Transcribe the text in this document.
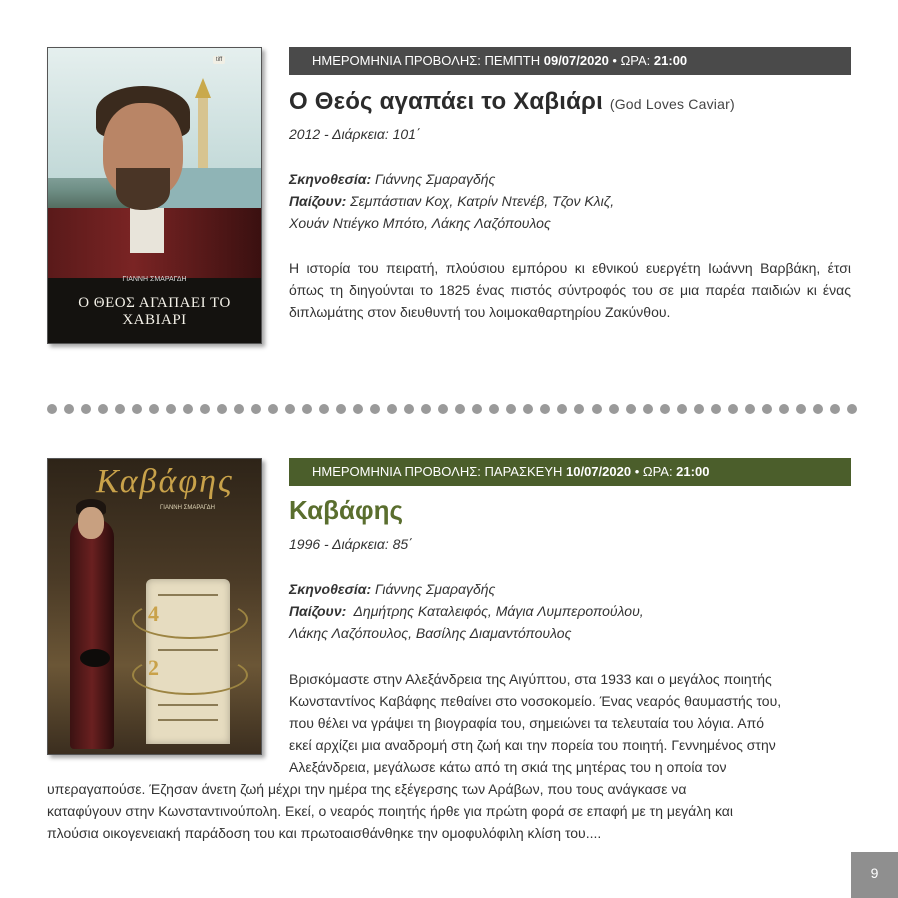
tiff
ΓΙΑΝΝΗ ΣΜΑΡΑΓΔΗ
Ο ΘΕΟΣ ΑΓΑΠΑΕΙ ΤΟ ΧΑΒΙΑΡΙ
ΗΜΕΡΟΜΗΝΙΑ ΠΡΟΒΟΛΗΣ: ΠΕΜΠΤΗ 09/07/2020 • ΩΡΑ: 21:00
Ο Θεός αγαπάει το Χαβιάρι (God Loves Caviar)
2012 - Διάρκεια: 101΄
Σκηνοθεσία: Γιάννης Σμαραγδής
Παίζουν: Σεμπάστιαν Κοχ, Κατρίν Ντενέβ, Τζον Κλιζ,
Χουάν Ντιέγκο Μπότο, Λάκης Λαζόπουλος
Η ιστορία του πειρατή, πλούσιου εμπόρου κι εθνικού ευεργέτη Ιωάννη Βαρβάκη, έτσι όπως τη διηγούνται το 1825 ένας πιστός σύντροφός του σε μια παρέα παιδιών κι ένας διπλωμάτης στον διευθυντή του λοιμοκαθαρτηρίου Ζακύνθου.
Καβάφης
ΓΙΑΝΝΗ ΣΜΑΡΑΓΔΗ
4
2
ΗΜΕΡΟΜΗΝΙΑ ΠΡΟΒΟΛΗΣ: ΠΑΡΑΣΚΕΥΗ 10/07/2020 • ΩΡΑ: 21:00
Καβάφης
1996 - Διάρκεια: 85΄
Σκηνοθεσία: Γιάννης Σμαραγδής
Παίζουν:  Δημήτρης Καταλειφός, Μάγια Λυμπεροπούλου,
Λάκης Λαζόπουλος, Βασίλης Διαμαντόπουλος

Βρισκόμαστε στην Αλεξάνδρεια της Αιγύπτου, στα 1933 και ο μεγάλος ποιητής

Κωνσταντίνος Καβάφης πεθαίνει στο νοσοκομείο. Ένας νεαρός θαυμαστής του,

που θέλει να γράψει τη βιογραφία του, σημειώνει τα τελευταία του λόγια. Από

εκεί αρχίζει μια αναδρομή στη ζωή και την πορεία του ποιητή. Γεννημένος στην

Αλεξάνδρεια, μεγάλωσε κάτω από τη σκιά της μητέρας του η οποία τον

υπεραγαπούσε. Έζησαν άνετη ζωή μέχρι την ημέρα της εξέγερσης των Αράβων, που τους ανάγκασε να

καταφύγουν στην Κωνσταντινούπολη. Εκεί, ο νεαρός ποιητής ήρθε για πρώτη φορά σε επαφή με τη μεγάλη και

πλούσια οικογενειακή παράδοση του και πρωτοαισθάνθηκε την ομοφυλόφιλη κλίση του....

9
